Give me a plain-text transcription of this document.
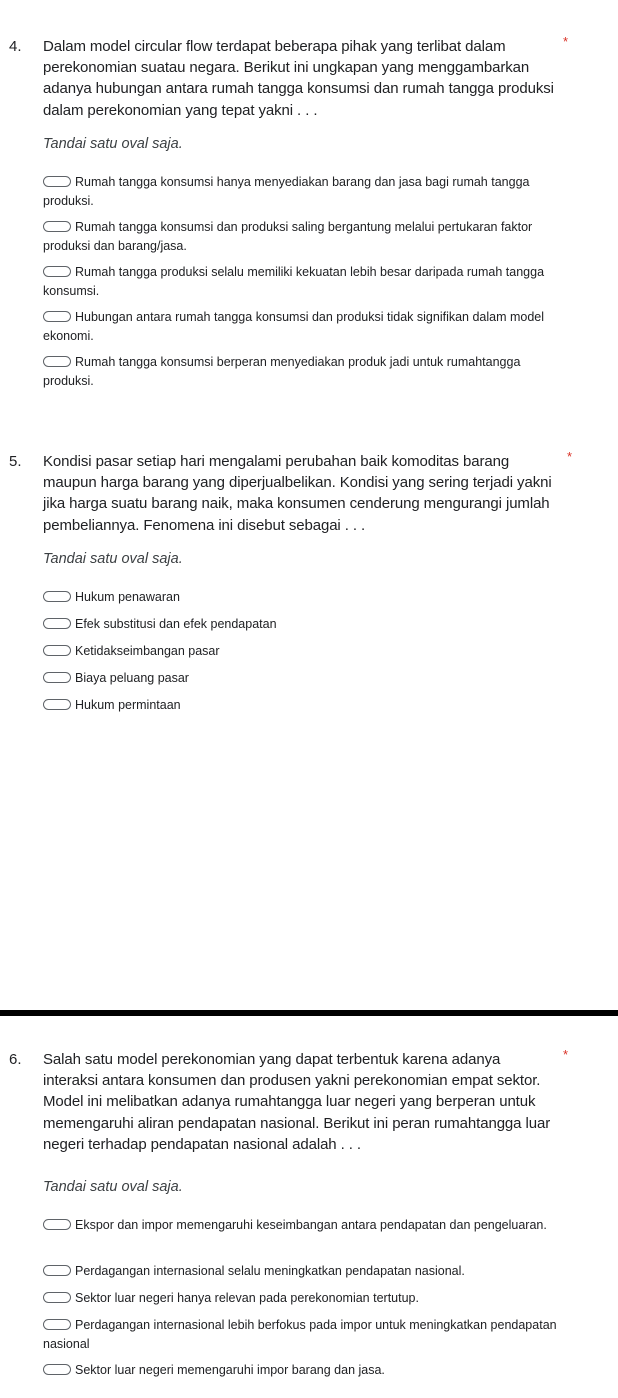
4. Dalam model circular flow terdapat beberapa pihak yang terlibat dalam perekonomian suatau negara. Berikut ini ungkapan yang menggambarkan adanya hubungan antara rumah tangga konsumsi dan rumah tangga produksi dalam perekonomian yang tepat yakni . . .
*
Tandai satu oval saja.
Rumah tangga konsumsi hanya menyediakan barang dan jasa bagi rumah tangga produksi.
Rumah tangga konsumsi dan produksi saling bergantung melalui pertukaran faktor produksi dan barang/jasa.
Rumah tangga produksi selalu memiliki kekuatan lebih besar daripada rumah tangga konsumsi.
Hubungan antara rumah tangga konsumsi dan produksi tidak signifikan dalam model ekonomi.
Rumah tangga konsumsi berperan menyediakan produk jadi untuk rumahtangga produksi.
5. Kondisi pasar setiap hari mengalami perubahan baik komoditas barang maupun harga barang yang diperjualbelikan. Kondisi yang sering terjadi yakni jika harga suatu barang naik, maka konsumen cenderung mengurangi jumlah pembeliannya. Fenomena ini disebut sebagai . . .
*
Tandai satu oval saja.
Hukum penawaran
Efek substitusi dan efek pendapatan
Ketidakseimbangan pasar
Biaya peluang pasar
Hukum permintaan
6. Salah satu model perekonomian yang dapat terbentuk karena adanya interaksi antara konsumen dan produsen yakni perekonomian empat sektor. Model ini melibatkan adanya rumahtangga luar negeri yang berperan untuk memengaruhi aliran pendapatan nasional. Berikut ini peran rumahtangga luar negeri terhadap pendapatan nasional adalah . . .
*
Tandai satu oval saja.
Ekspor dan impor memengaruhi keseimbangan antara pendapatan dan pengeluaran.
Perdagangan internasional selalu meningkatkan pendapatan nasional.
Sektor luar negeri hanya relevan pada perekonomian tertutup.
Perdagangan internasional lebih berfokus pada impor untuk meningkatkan pendapatan nasional
Sektor luar negeri memengaruhi impor barang dan jasa.
